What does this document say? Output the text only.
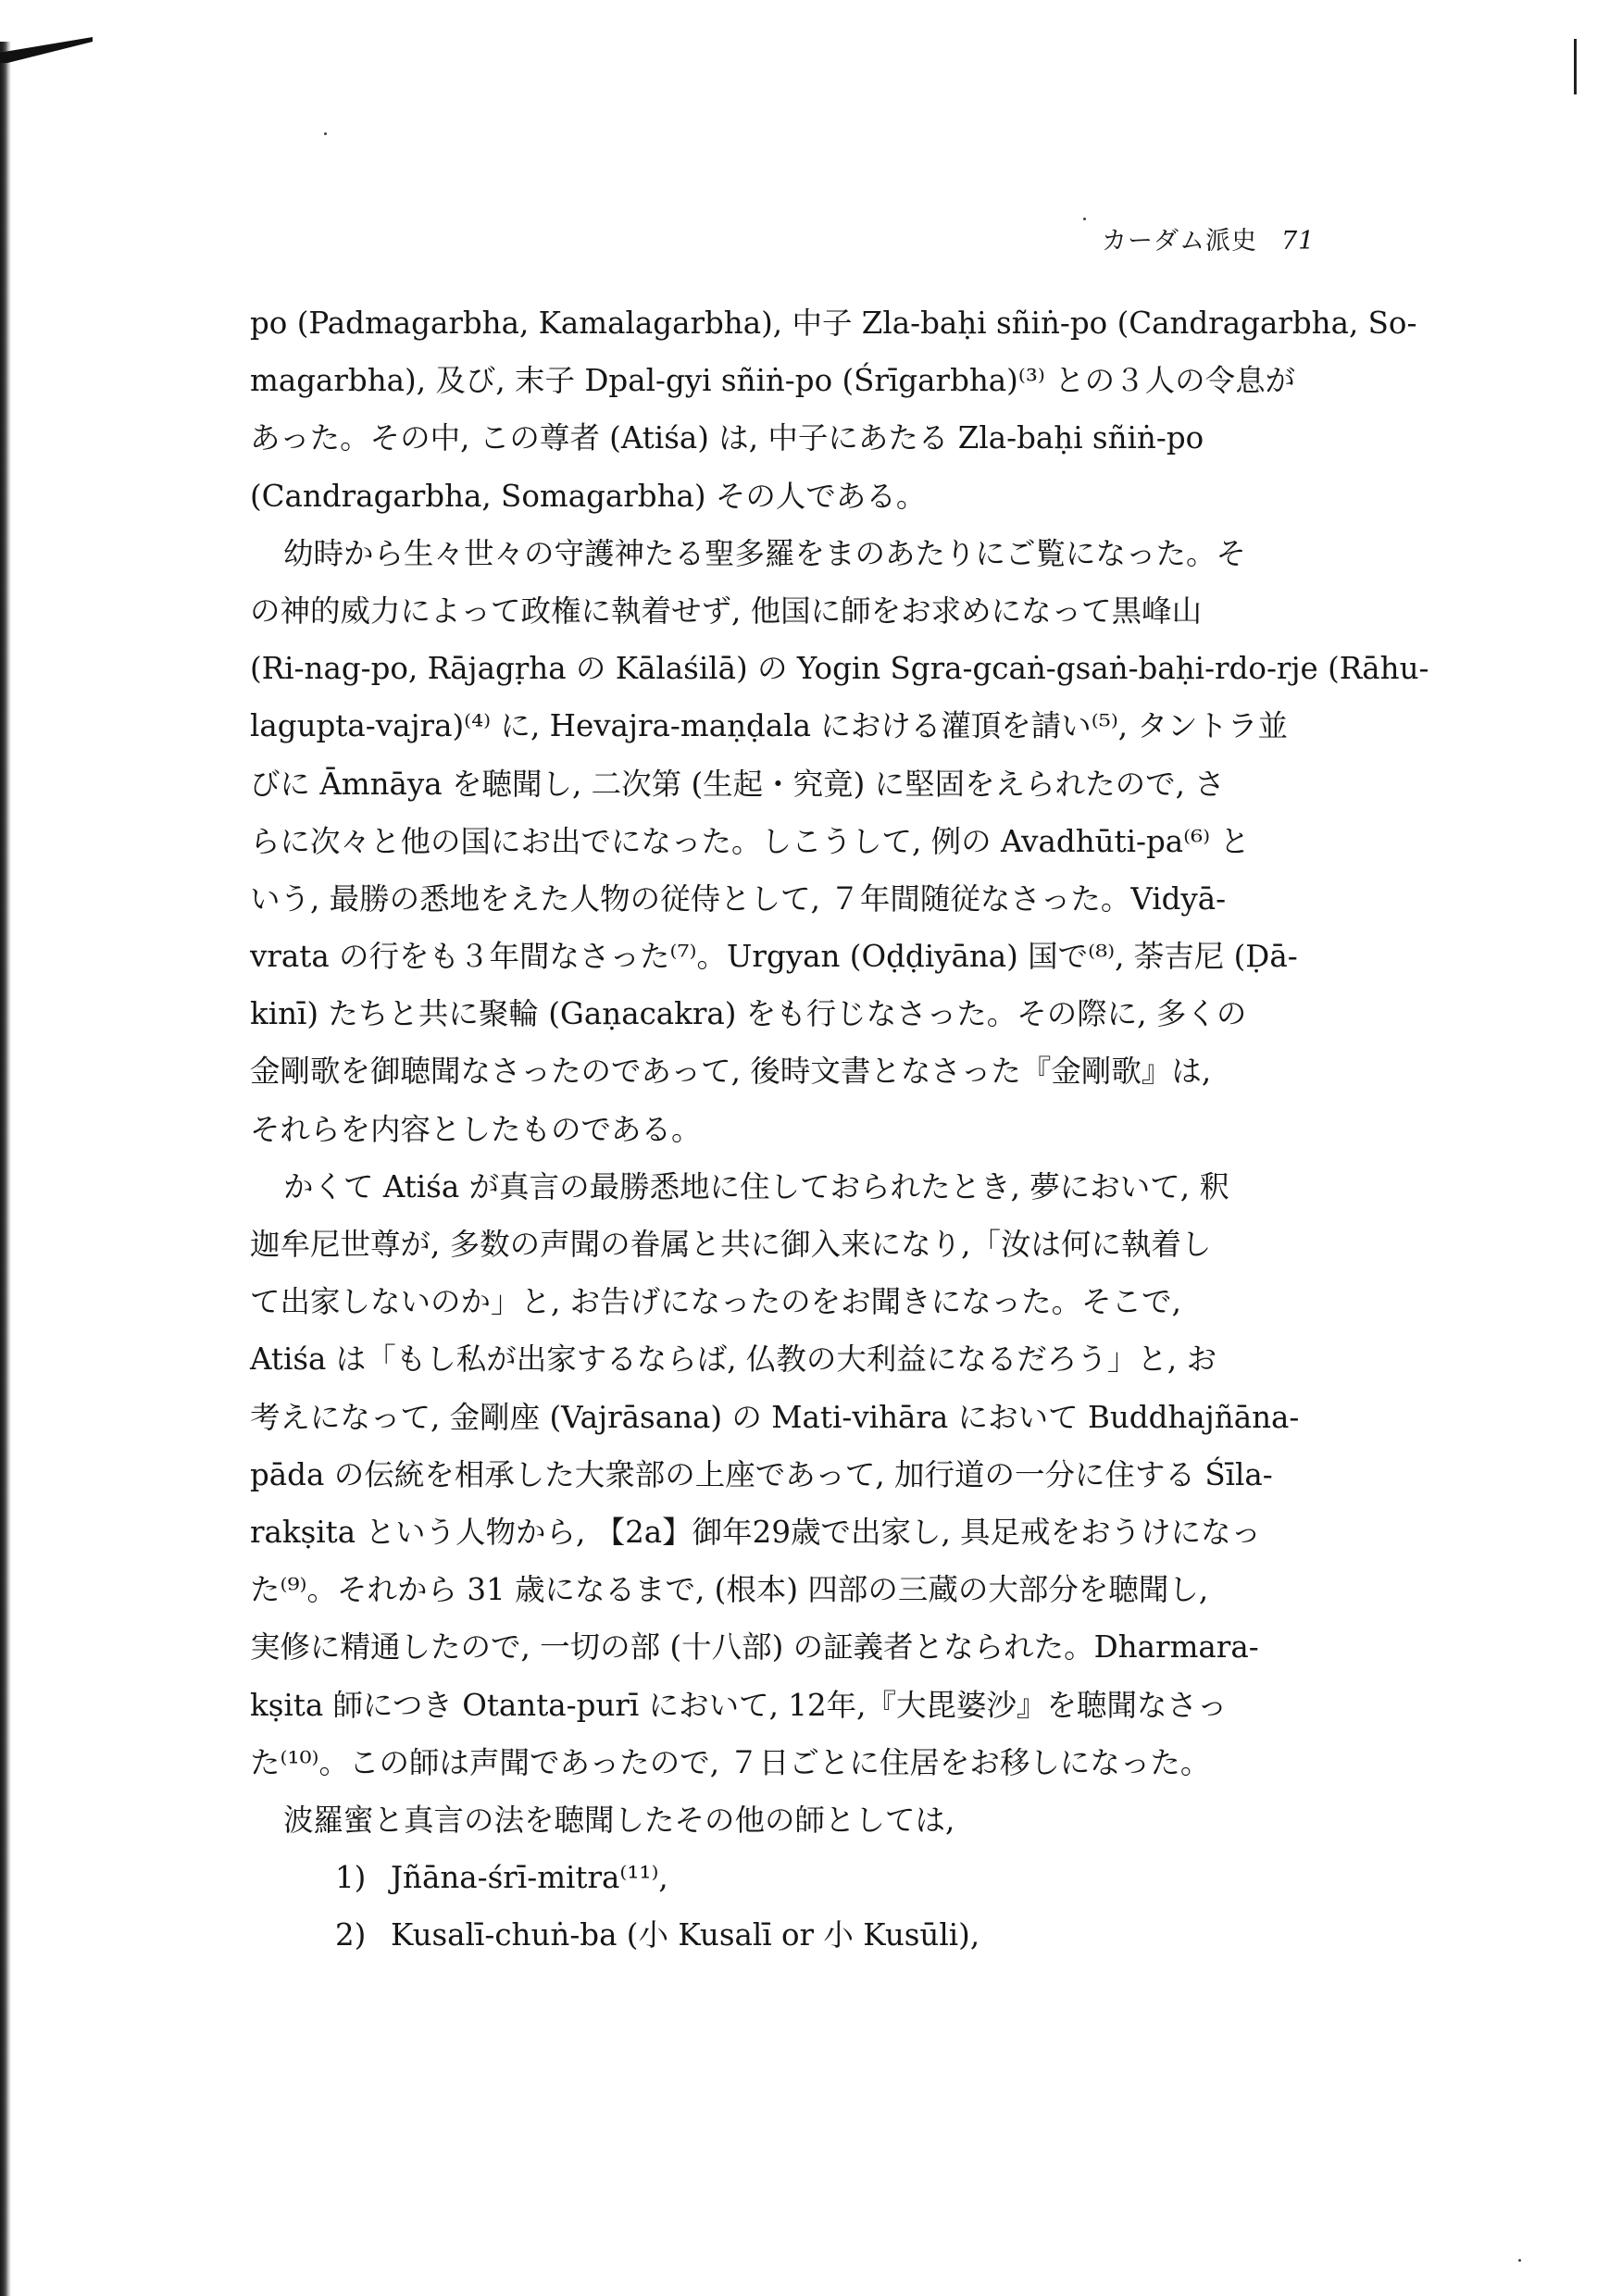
カーダム派史 71
po (Padmagarbha, Kamalagarbha), 中子 Zla-baḥi sñiṅ-po (Candragarbha, So-
magarbha), 及び, 末子 Dpal-gyi sñiṅ-po (Śrīgarbha)⁽³⁾ との３人の令息が
あった。その中, この尊者 (Atiśa) は, 中子にあたる Zla-baḥi sñiṅ-po
(Candragarbha, Somagarbha) その人である。
幼時から生々世々の守護神たる聖多羅をまのあたりにご覧になった。そ
の神的威力によって政権に執着せず, 他国に師をお求めになって黒峰山
(Ri-nag-po, Rājagṛha の Kālaśilā) の Yogin Sgra-gcaṅ-gsaṅ-baḥi-rdo-rje (Rāhu-
lagupta-vajra)⁽⁴⁾ に, Hevajra-maṇḍala における灌頂を請い⁽⁵⁾, タントラ並
びに Āmnāya を聴聞し, 二次第 (生起・究竟) に堅固をえられたので, さ
らに次々と他の国にお出でになった。しこうして, 例の Avadhūti-pa⁽⁶⁾ と
いう, 最勝の悉地をえた人物の従侍として, ７年間随従なさった。Vidyā-
vrata の行をも３年間なさった⁽⁷⁾。Urgyan (Oḍḍiyāna) 国で⁽⁸⁾, 荼吉尼 (Ḍā-
kinī) たちと共に聚輪 (Gaṇacakra) をも行じなさった。その際に, 多くの
金剛歌を御聴聞なさったのであって, 後時文書となさった『金剛歌』は,
それらを内容としたものである。
かくて Atiśa が真言の最勝悉地に住しておられたとき, 夢において, 釈
迦牟尼世尊が, 多数の声聞の眷属と共に御入来になり,「汝は何に執着し
て出家しないのか」と, お告げになったのをお聞きになった。そこで,
Atiśa は「もし私が出家するならば, 仏教の大利益になるだろう」と, お
考えになって, 金剛座 (Vajrāsana) の Mati-vihāra において Buddhajñāna-
pāda の伝統を相承した大衆部の上座であって, 加行道の一分に住する Śīla-
rakṣita という人物から, 【2a】御年29歳で出家し, 具足戒をおうけになっ
た⁽⁹⁾。それから 31 歳になるまで, (根本) 四部の三蔵の大部分を聴聞し,
実修に精通したので, 一切の部 (十八部) の証義者となられた。Dharmara-
kṣita 師につき Otanta-purī において, 12年,『大毘婆沙』を聴聞なさっ
た⁽¹⁰⁾。この師は声聞であったので, ７日ごとに住居をお移しになった。
波羅蜜と真言の法を聴聞したその他の師としては,
1) Jñāna-śrī-mitra⁽¹¹⁾,
2) Kusalī-chuṅ-ba (小 Kusalī or 小 Kusūli),
